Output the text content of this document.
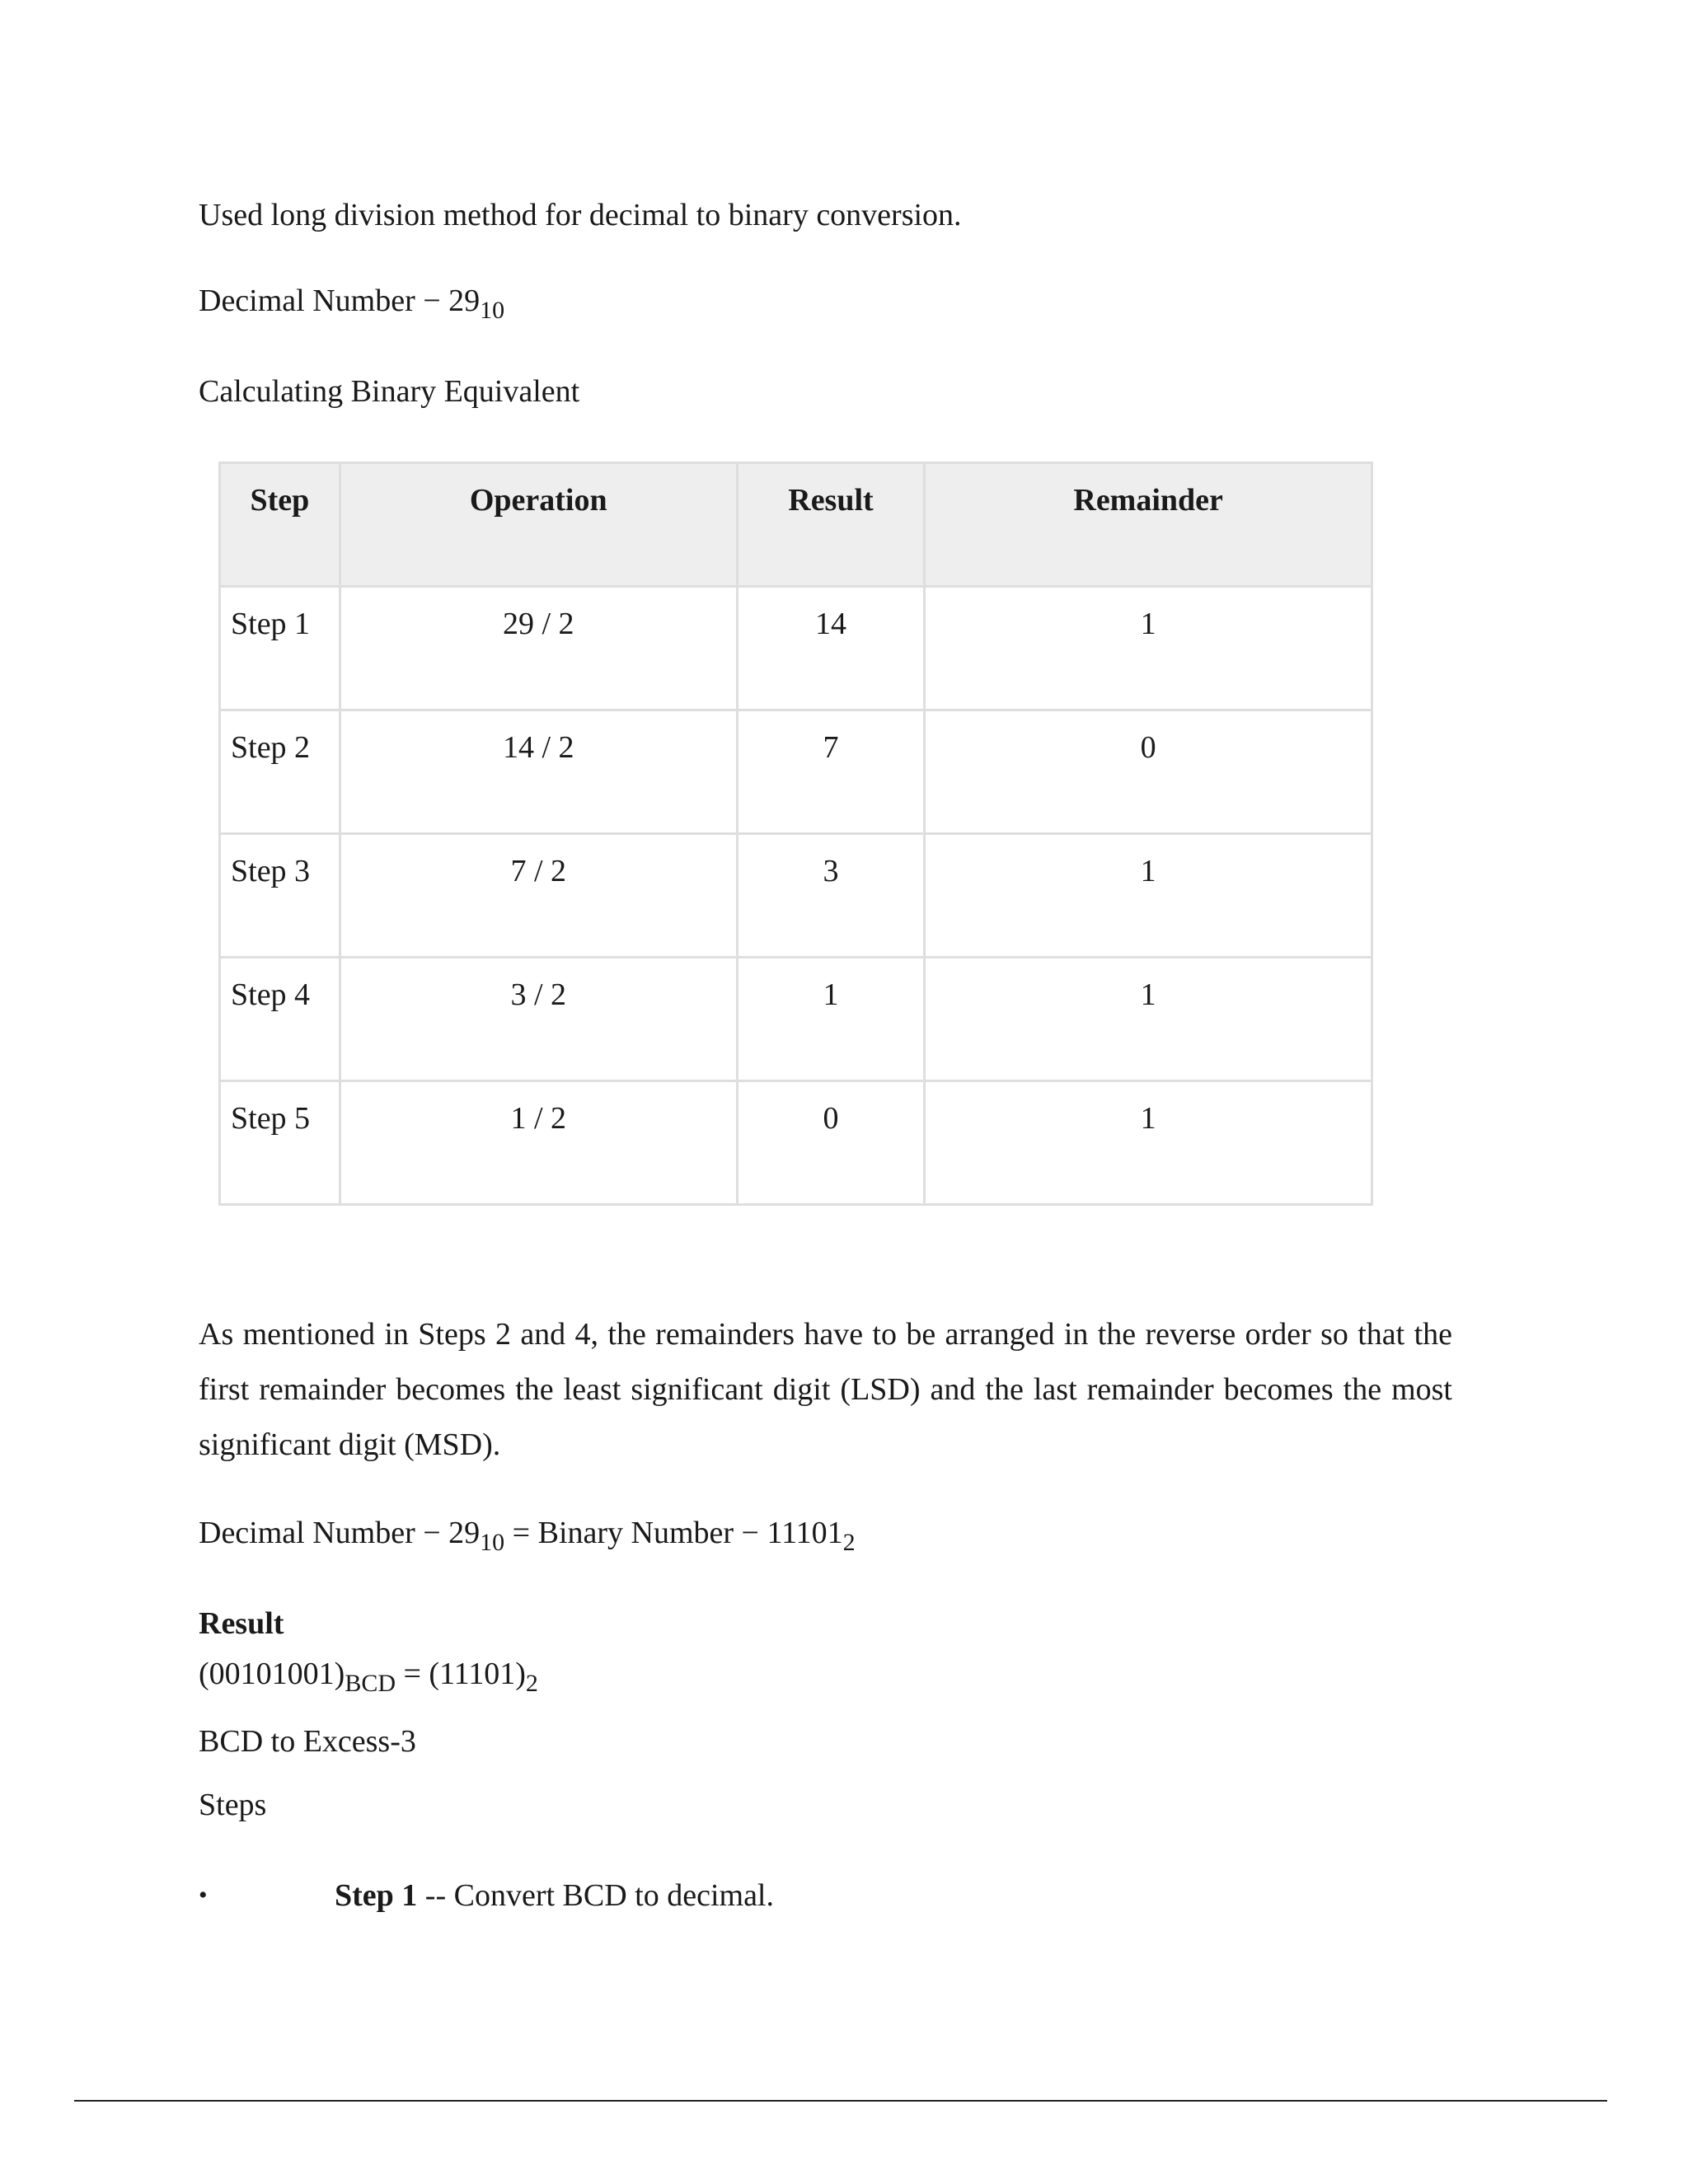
Used long division method for decimal to binary conversion.

Decimal Number − $29_{10}$

Calculating Binary Equivalent

Step	Operation	Result	Remainder
Step 1	29 / 2	14	1
Step 2	14 / 2	7	0
Step 3	7 / 2	3	1
Step 4	3 / 2	1	1
Step 5	1 / 2	0	1

As mentioned in Steps 2 and 4, the remainders have to be arranged in the reverse order so that the first remainder becomes the least significant digit (LSD) and the last remainder becomes the most significant digit (MSD).

Decimal Number − $29_{10}$ = Binary Number − $11101_2$

Result

$(00101001)_{BCD} = (11101)_2$

BCD to Excess-3

Steps

•	Step 1 -- Convert BCD to decimal.
